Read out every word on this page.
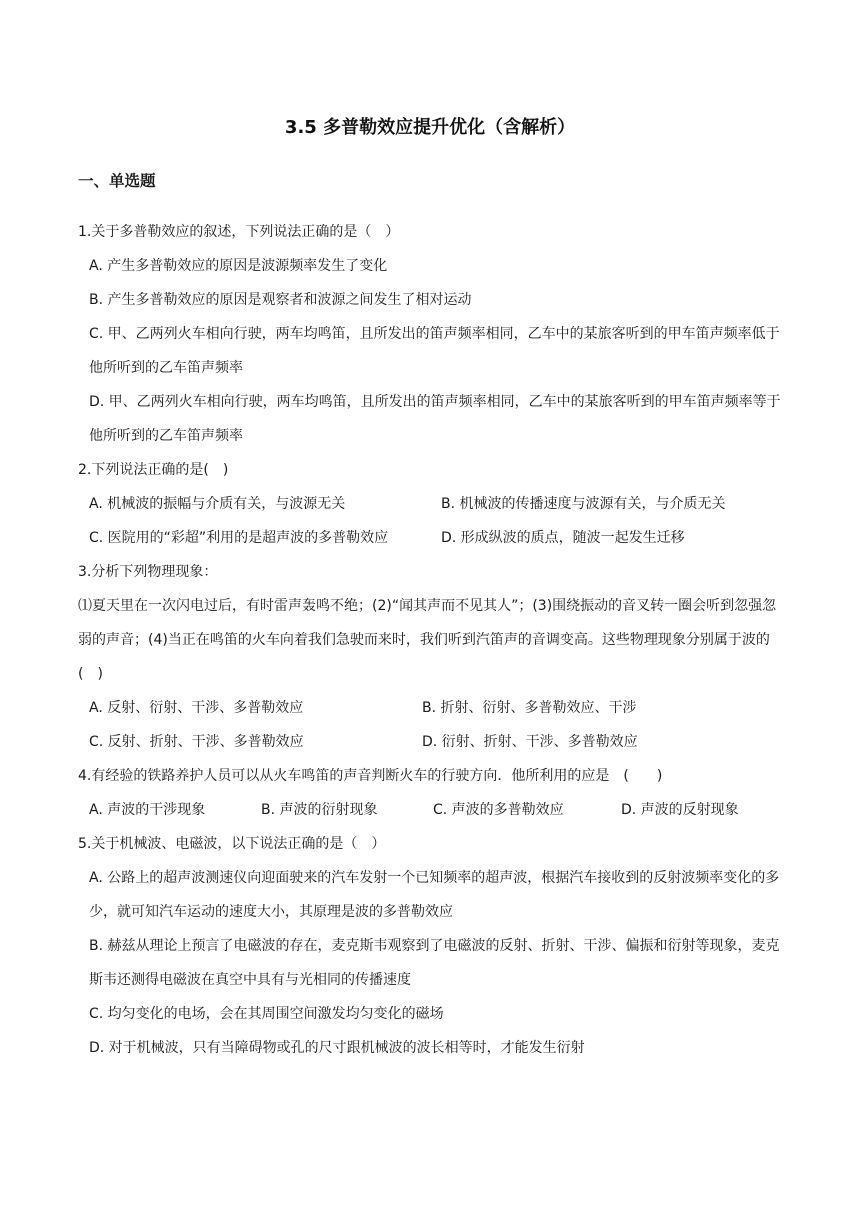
3.5 多普勒效应提升优化（含解析）
一、单选题

1.关于多普勒效应的叙述，下列说法正确的是（　）

A. 产生多普勒效应的原因是波源频率发生了变化

B. 产生多普勒效应的原因是观察者和波源之间发生了相对运动

C. 甲、乙两列火车相向行驶，两车均鸣笛，且所发出的笛声频率相同，乙车中的某旅客听到的甲车笛声频率低于他所听到的乙车笛声频率

D. 甲、乙两列火车相向行驶，两车均鸣笛，且所发出的笛声频率相同，乙车中的某旅客听到的甲车笛声频率等于他所听到的乙车笛声频率

2.下列说法正确的是(　)

A. 机械波的振幅与介质有关，与波源无关	B. 机械波的传播速度与波源有关，与介质无关
C. 医院用的“彩超”利用的是超声波的多普勒效应	D. 形成纵波的质点，随波一起发生迁移

3.分析下列物理现象：

⑴夏天里在一次闪电过后，有时雷声轰鸣不绝；(2)“闻其声而不见其人”；(3)围绕振动的音叉转一圈会听到忽强忽弱的声音；(4)当正在鸣笛的火车向着我们急驶而来时，我们听到汽笛声的音调变高。这些物理现象分别属于波的(　)

A. 反射、衍射、干涉、多普勒效应	B. 折射、衍射、多普勒效应、干涉
C. 反射、折射、干涉、多普勒效应	D. 衍射、折射、干涉、多普勒效应

4.有经验的铁路养护人员可以从火车鸣笛的声音判断火车的行驶方向．他所利用的应是　(　　)

A. 声波的干涉现象	B. 声波的衍射现象	C. 声波的多普勒效应	D. 声波的反射现象

5.关于机械波、电磁波，以下说法正确的是（　）

A. 公路上的超声波测速仪向迎面驶来的汽车发射一个已知频率的超声波，根据汽车接收到的反射波频率变化的多少，就可知汽车运动的速度大小，其原理是波的多普勒效应

B. 赫兹从理论上预言了电磁波的存在，麦克斯韦观察到了电磁波的反射、折射、干涉、偏振和衍射等现象，麦克斯韦还测得电磁波在真空中具有与光相同的传播速度

C. 均匀变化的电场，会在其周围空间激发均匀变化的磁场

D. 对于机械波，只有当障碍物或孔的尺寸跟机械波的波长相等时，才能发生衍射
